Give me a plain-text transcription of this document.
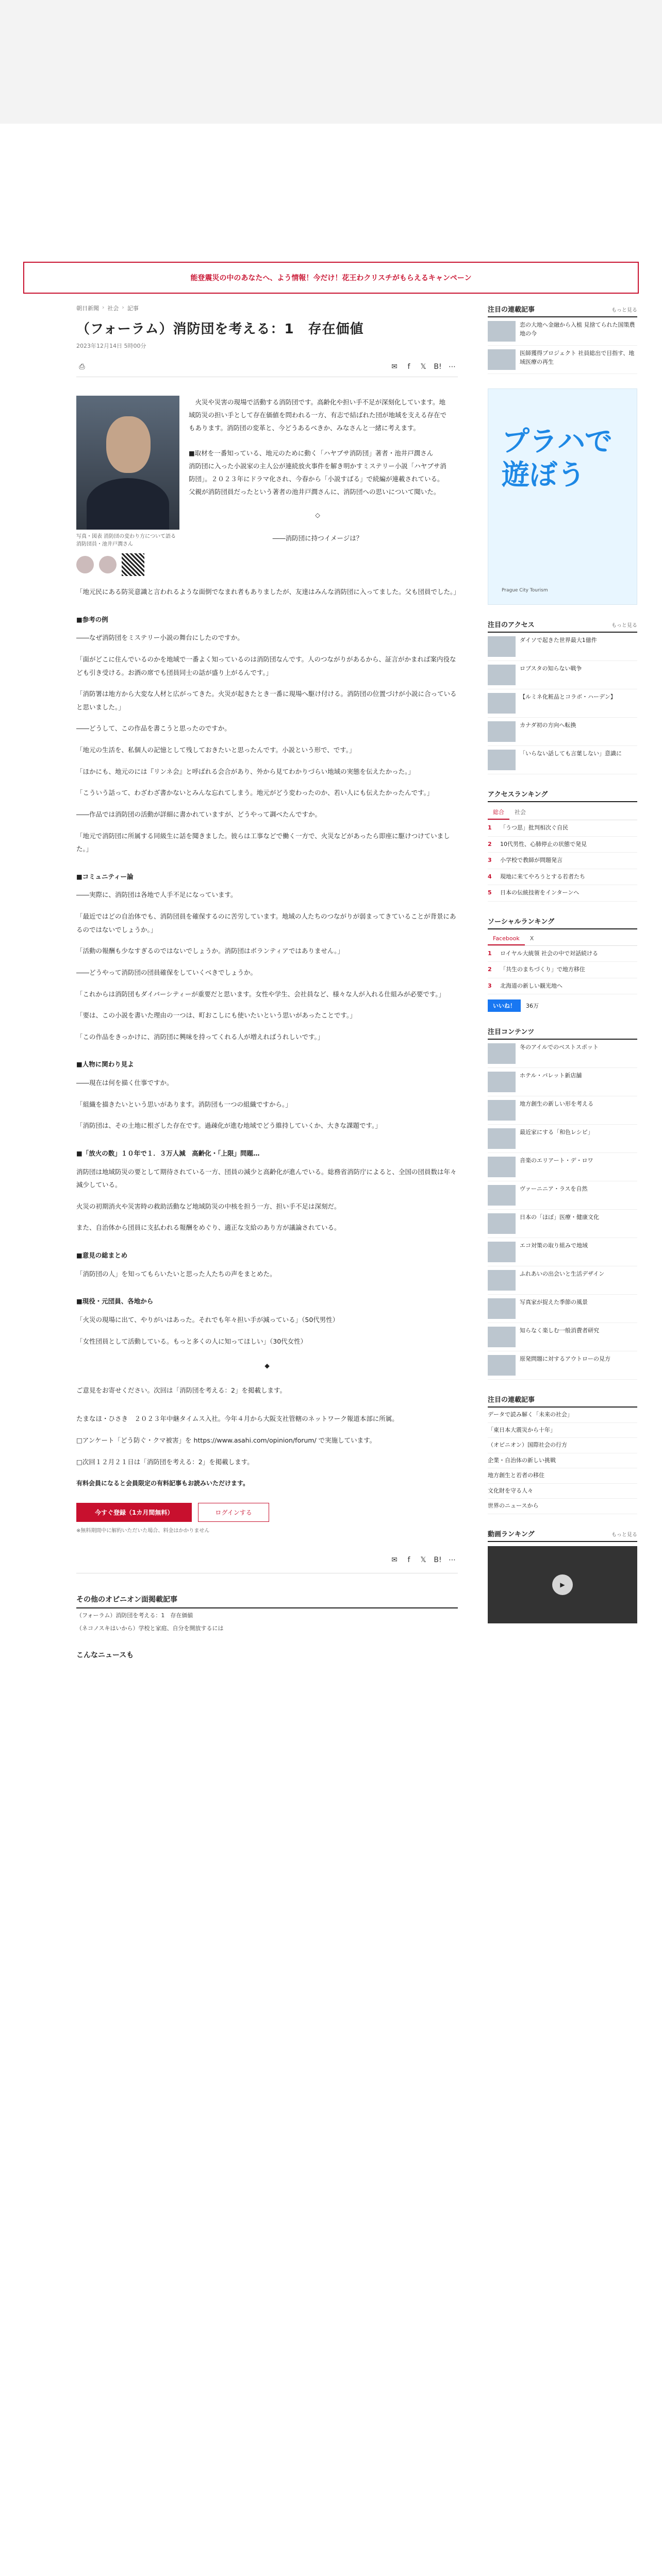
能登震災の中のあなたへ、よう情報！今だけ！花王わクリスチがもらえるキャンペーン
朝日新聞 › 社会 › 記事
（フォーラム）消防団を考える：1　存在価値
2023年12月14日 5時00分
⎙	✉	f	𝕏	B! ⋯
写真・図表 消防団の変わり方について語る消防団員・池井戸潤さん

　火災や災害の現場で活動する消防団です。高齢化や担い手不足が深刻化しています。地域防災の担い手として存在価値を問われる一方、有志で結ばれた団が地域を支える存在でもあります。消防団の変革と、今どうあるべきか、みなさんと一緒に考えます。

■取材を一番知っている、地元のために動く「ハヤブサ消防団」著者・池井戸潤さん

消防団に入った小説家の主人公が連続放火事件を解き明かすミステリー小説「ハヤブサ消防団」。２０２３年にドラマ化され、今春から「小説すばる」で続編が連載されている。父親が消防団員だったという著者の池井戸潤さんに、消防団への思いについて聞いた。

◇

――消防団に持つイメージは？

「地元民にある防災意識と言われるような面倒でなまれ者もありましたが、友達はみんな消防団に入ってました。父も団員でした。」

■参考の例

――なぜ消防団をミステリー小説の舞台にしたのですか。

「面がどこに住んでいるのかを地域で一番よく知っているのは消防団なんです。人のつながりがあるから、証言がかまれば案内役なども引き受ける。お酒の席でも団員同士の話が盛り上がるんです。」

「消防署は地方から大変な人材と広がってきた。火災が起きたとき一番に現場へ駆け付ける。消防団の位置づけが小説に合っていると思いました。」

――どうして、この作品を書こうと思ったのですか。

「地元の生活を、私個人の記憶として残しておきたいと思ったんです。小説という形で、です。」

「ほかにも、地元のには『リンネ会』と呼ばれる会合があり、外から見てわかりづらい地域の実態を伝えたかった。」

「こういう話って、わざわざ書かないとみんな忘れてしまう。地元がどう変わったのか、若い人にも伝えたかったんです。」

――作品では消防団の活動が詳細に書かれていますが、どうやって調べたんですか。

「地元で消防団に所属する同級生に話を聞きました。彼らは工事などで働く一方で、火災などがあったら即座に駆けつけていました。」

■コミュニティー論

――実際に、消防団は各地で人手不足になっています。

「最近ではどの自治体でも、消防団員を確保するのに苦労しています。地域の人たちのつながりが弱まってきていることが背景にあるのではないでしょうか。」

「活動の報酬も少なすぎるのではないでしょうか。消防団はボランティアではありません。」

――どうやって消防団の団員確保をしていくべきでしょうか。

「これからは消防団もダイバーシティーが重要だと思います。女性や学生、会社員など、様々な人が入れる仕組みが必要です。」

「要は、この小説を書いた理由の一つは、町おこしにも使いたいという思いがあったことです。」

「この作品をきっかけに、消防団に興味を持ってくれる人が増えればうれしいです。」

■人物に関わり見よ

――現在は何を描く仕事ですか。

「組織を描きたいという思いがあります。消防団も一つの組織ですから。」

「消防団は、その土地に根ざした存在です。過疎化が進む地域でどう維持していくか、大きな課題です。」

■「放火の数」１０年で１．３万人減　高齢化・「上限」問題…

消防団は地域防災の要として期待されている一方、団員の減少と高齢化が進んでいる。総務省消防庁によると、全国の団員数は年々減少している。

火災の初期消火や災害時の救助活動など地域防災の中核を担う一方、担い手不足は深刻だ。

また、自治体から団員に支払われる報酬をめぐり、適正な支給のあり方が議論されている。

■意見の総まとめ

「消防団の人」を知ってもらいたいと思った人たちの声をまとめた。

■現役・元団員、各地から

「火災の現場に出て、やりがいはあった。それでも年々担い手が減っている」（50代男性）

「女性団員として活動している。もっと多くの人に知ってほしい」（30代女性）

◆

ご意見をお寄せください。次回は「消防団を考える：2」を掲載します。

たまなほ・ひさき　２０２３年中継タイムス入社。今年４月から大阪支社管轄のネットワーク報道本部に所属。

□アンケート「どう防ぐ・クマ被害」を https://www.asahi.com/opinion/forum/ で実施しています。

□次回１２月２１日は「消防団を考える：2」を掲載します。

有料会員になると会員限定の有料記事もお読みいただけます。
今すぐ登録（1カ月間無料）	ログインする
※無料期間中に解約いただいた場合、料金はかかりません
✉	f	𝕏	B! ⋯
その他のオピニオン面掲載記事
（フォーラム）消防団を考える：1　存在価値
（ネコノスキはいから）学校と家庭、自分を開放するには
こんなニュースも
注目の連載記事	もっと見る
恋の大地へ金融から入植 見捨てられた国策農地の今
医師獲得プロジェクト 社員総出で目指す、地域医療の再生
プラハで遊ぼう
Prague City Tourism
注目のアクセス	もっと見る
ダイソで起きた世界最大1億件
ロブスタの知らない戦争
【ルミネ化粧品とコラボ・ハーデン】
カナダ初の方向へ転換
「いらない話しても言葉しない」意識に
アクセスランキング
総合	社会
1	「うつ思」批判相次ぐ自民
2	10代男性、心肺停止の状態で発見
3	小学校で教師が問題発言
4	現地に来てやろうとする若者たち
5	日本の伝統技術をインターンへ
ソーシャルランキング
Facebook	X
1	ロイヤル大統領 社会の中で対話続ける
2	「共生のまちづくり」で地方移住
3	北海道の新しい観光地へ
いいね！	36万
注目コンテンツ
冬のアイルでのベストスポット
ホテル・パレット新店舗
地方創生の新しい形を考える
最近家にする「和色レシピ」
音楽のエリアート・デ・ロワ
ヴァーニニア・ラスを自然
日本の「ほぼ」医療・健康文化
エコ対策の取り組みで地域
ふれあいの出会いと生活デザイン
写真家が捉えた季節の風景
知らなく楽しむ一般消費者研究
原発問題に対するアウトローの見方
注目の連載記事
データで読み解く「未来の社会」
「東日本大震災から十年」
（オピニオン）国際社会の行方
企業・自治体の新しい挑戦
地方創生と若者の移住
文化財を守る人々
世界のニュースから
動画ランキング	もっと見る
▶
